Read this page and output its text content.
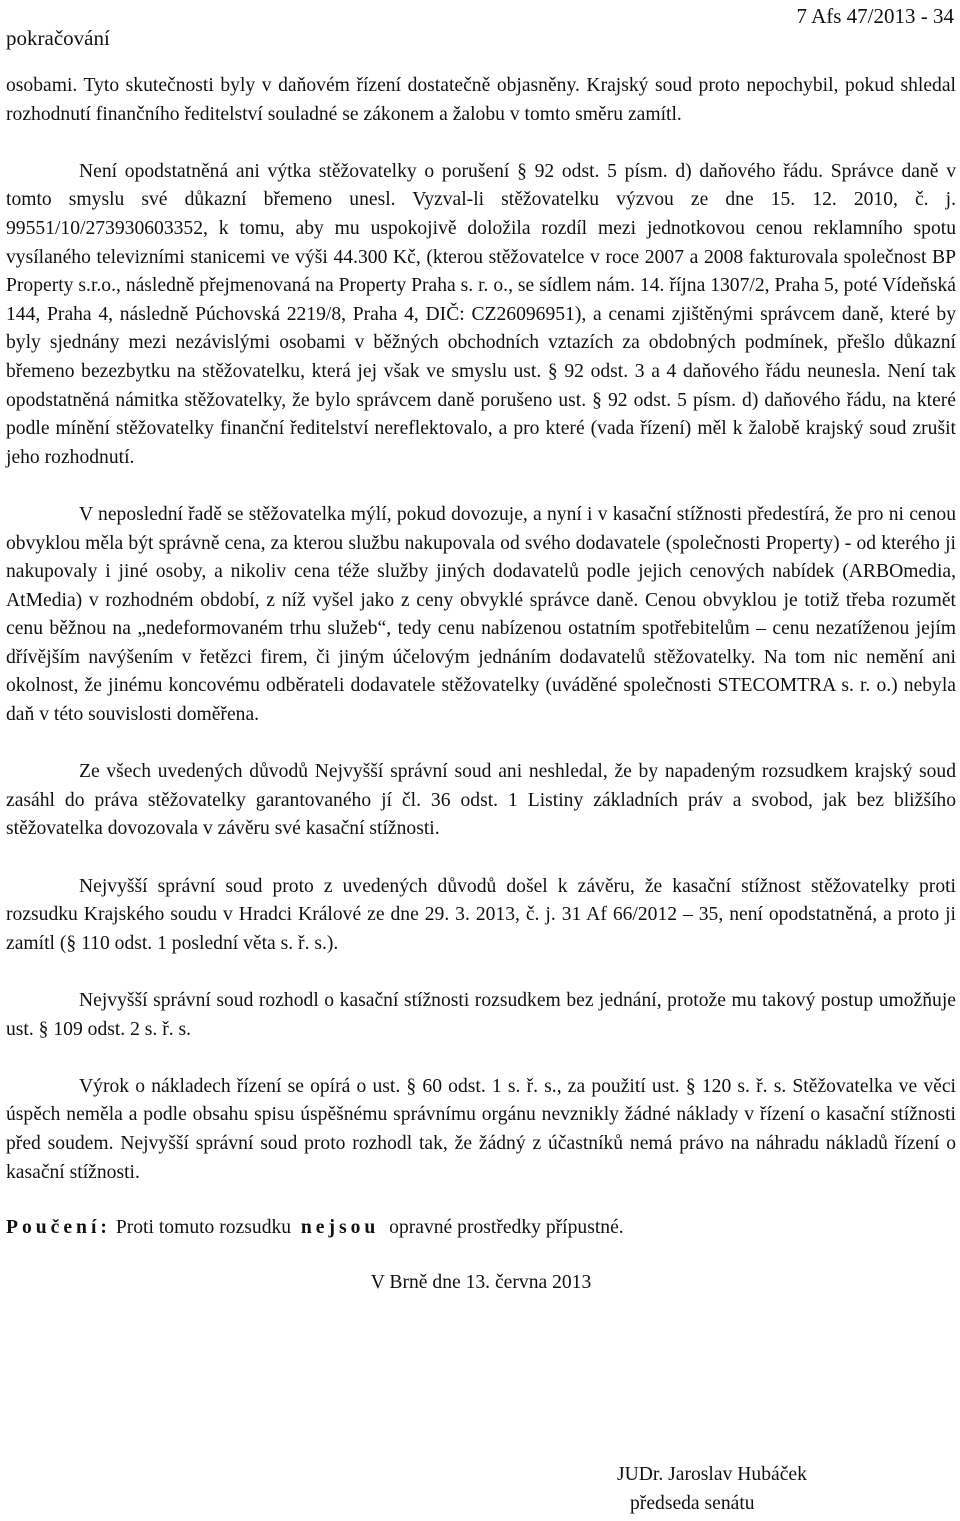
pokračování
7 Afs 47/2013 - 34

osobami. Tyto skutečnosti byly v daňovém řízení dostatečně objasněny. Krajský soud proto nepochybil, pokud shledal rozhodnutí finančního ředitelství souladné se zákonem a žalobu v tomto směru zamítl.

Není opodstatněná ani výtka stěžovatelky o porušení § 92 odst. 5 písm. d) daňového řádu. Správce daně v tomto smyslu své důkazní břemeno unesl. Vyzval-li stěžovatelku výzvou ze dne 15. 12. 2010, č. j. 99551/10/273930603352, k tomu, aby mu uspokojivě doložila rozdíl mezi jednotkovou cenou reklamního spotu vysílaného televizními stanicemi ve výši 44.300 Kč, (kterou stěžovatelce v roce 2007 a 2008 fakturovala společnost BP Property s.r.o., následně přejmenovaná na Property Praha s. r. o., se sídlem nám. 14. října 1307/2, Praha 5, poté Vídeňská 144, Praha 4, následně Púchovská 2219/8, Praha 4, DIČ: CZ26096951), a cenami zjištěnými správcem daně, které by byly sjednány mezi nezávislými osobami v běžných obchodních vztazích za obdobných podmínek, přešlo důkazní břemeno bezezbytku na stěžovatelku, která jej však ve smyslu ust. § 92 odst. 3 a 4 daňového řádu neunesla. Není tak opodstatněná námitka stěžovatelky, že bylo správcem daně porušeno ust. § 92 odst. 5 písm. d) daňového řádu, na které podle mínění stěžovatelky finanční ředitelství nereflektovalo, a pro které (vada řízení) měl k žalobě krajský soud zrušit jeho rozhodnutí.

V neposlední řadě se stěžovatelka mýlí, pokud dovozuje, a nyní i v kasační stížnosti předestírá, že pro ni cenou obvyklou měla být správně cena, za kterou službu nakupovala od svého dodavatele (společnosti Property) - od kterého ji nakupovaly i jiné osoby, a nikoliv cena téže služby jiných dodavatelů podle jejich cenových nabídek (ARBOmedia, AtMedia) v rozhodném období, z níž vyšel jako z ceny obvyklé správce daně. Cenou obvyklou je totiž třeba rozumět cenu běžnou na „nedeformovaném trhu služeb“, tedy cenu nabízenou ostatním spotřebitelům – cenu nezatíženou jejím dřívějším navýšením v řetězci firem, či jiným účelovým jednáním dodavatelů stěžovatelky. Na tom nic nemění ani okolnost, že jinému koncovému odběrateli dodavatele stěžovatelky (uváděné společnosti STECOMTRA s. r. o.) nebyla daň v této souvislosti doměřena.

Ze všech uvedených důvodů Nejvyšší správní soud ani neshledal, že by napadeným rozsudkem krajský soud zasáhl do práva stěžovatelky garantovaného jí čl. 36 odst. 1 Listiny základních práv a svobod, jak bez bližšího stěžovatelka dovozovala v závěru své kasační stížnosti.

Nejvyšší správní soud proto z uvedených důvodů došel k závěru, že kasační stížnost stěžovatelky proti rozsudku Krajského soudu v Hradci Králové ze dne 29. 3. 2013, č. j. 31 Af 66/2012 – 35, není opodstatněná, a proto ji zamítl (§ 110 odst. 1 poslední věta s. ř. s.).

Nejvyšší správní soud rozhodl o kasační stížnosti rozsudkem bez jednání, protože mu takový postup umožňuje ust. § 109 odst. 2 s. ř. s.

Výrok o nákladech řízení se opírá o ust. § 60 odst. 1 s. ř. s., za použití ust. § 120 s. ř. s. Stěžovatelka ve věci úspěch neměla a podle obsahu spisu úspěšnému správnímu orgánu nevznikly žádné náklady v řízení o kasační stížnosti před soudem. Nejvyšší správní soud proto rozhodl tak, že žádný z účastníků nemá právo na náhradu nákladů řízení o kasační stížnosti.

Poučení: Proti tomuto rozsudku nejsou opravné prostředky přípustné.
V Brně dne 13. června 2013
JUDr. Jaroslav Hubáček
předseda senátu
